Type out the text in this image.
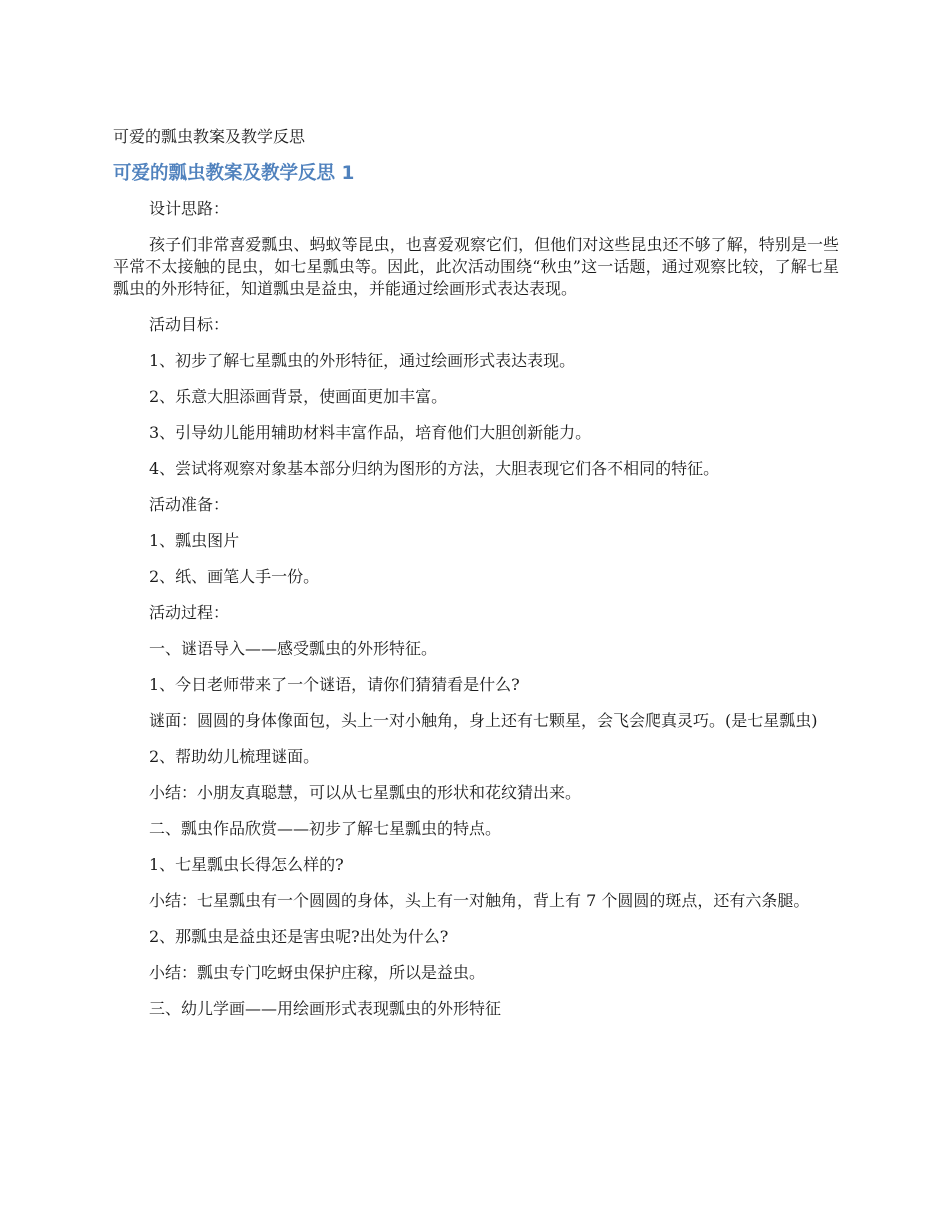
可爱的瓢虫教案及教学反思
可爱的瓢虫教案及教学反思 1
设计思路：
孩子们非常喜爱瓢虫、蚂蚁等昆虫，也喜爱观察它们，但他们对这些昆虫还不够了解，特别是一些平常不太接触的昆虫，如七星瓢虫等。因此，此次活动围绕“秋虫”这一话题，通过观察比较，了解七星瓢虫的外形特征，知道瓢虫是益虫，并能通过绘画形式表达表现。
活动目标：
1、初步了解七星瓢虫的外形特征，通过绘画形式表达表现。
2、乐意大胆添画背景，使画面更加丰富。
3、引导幼儿能用辅助材料丰富作品，培育他们大胆创新能力。
4、尝试将观察对象基本部分归纳为图形的方法，大胆表现它们各不相同的特征。
活动准备：
1、瓢虫图片
2、纸、画笔人手一份。
活动过程：
一、谜语导入——感受瓢虫的外形特征。
1、今日老师带来了一个谜语，请你们猜猜看是什么?
谜面：圆圆的身体像面包，头上一对小触角，身上还有七颗星，会飞会爬真灵巧。(是七星瓢虫)
2、帮助幼儿梳理谜面。
小结：小朋友真聪慧，可以从七星瓢虫的形状和花纹猜出来。
二、瓢虫作品欣赏——初步了解七星瓢虫的特点。
1、七星瓢虫长得怎么样的?
小结：七星瓢虫有一个圆圆的身体，头上有一对触角，背上有 7 个圆圆的斑点，还有六条腿。
2、那瓢虫是益虫还是害虫呢?出处为什么?
小结：瓢虫专门吃蚜虫保护庄稼，所以是益虫。
三、幼儿学画——用绘画形式表现瓢虫的外形特征
